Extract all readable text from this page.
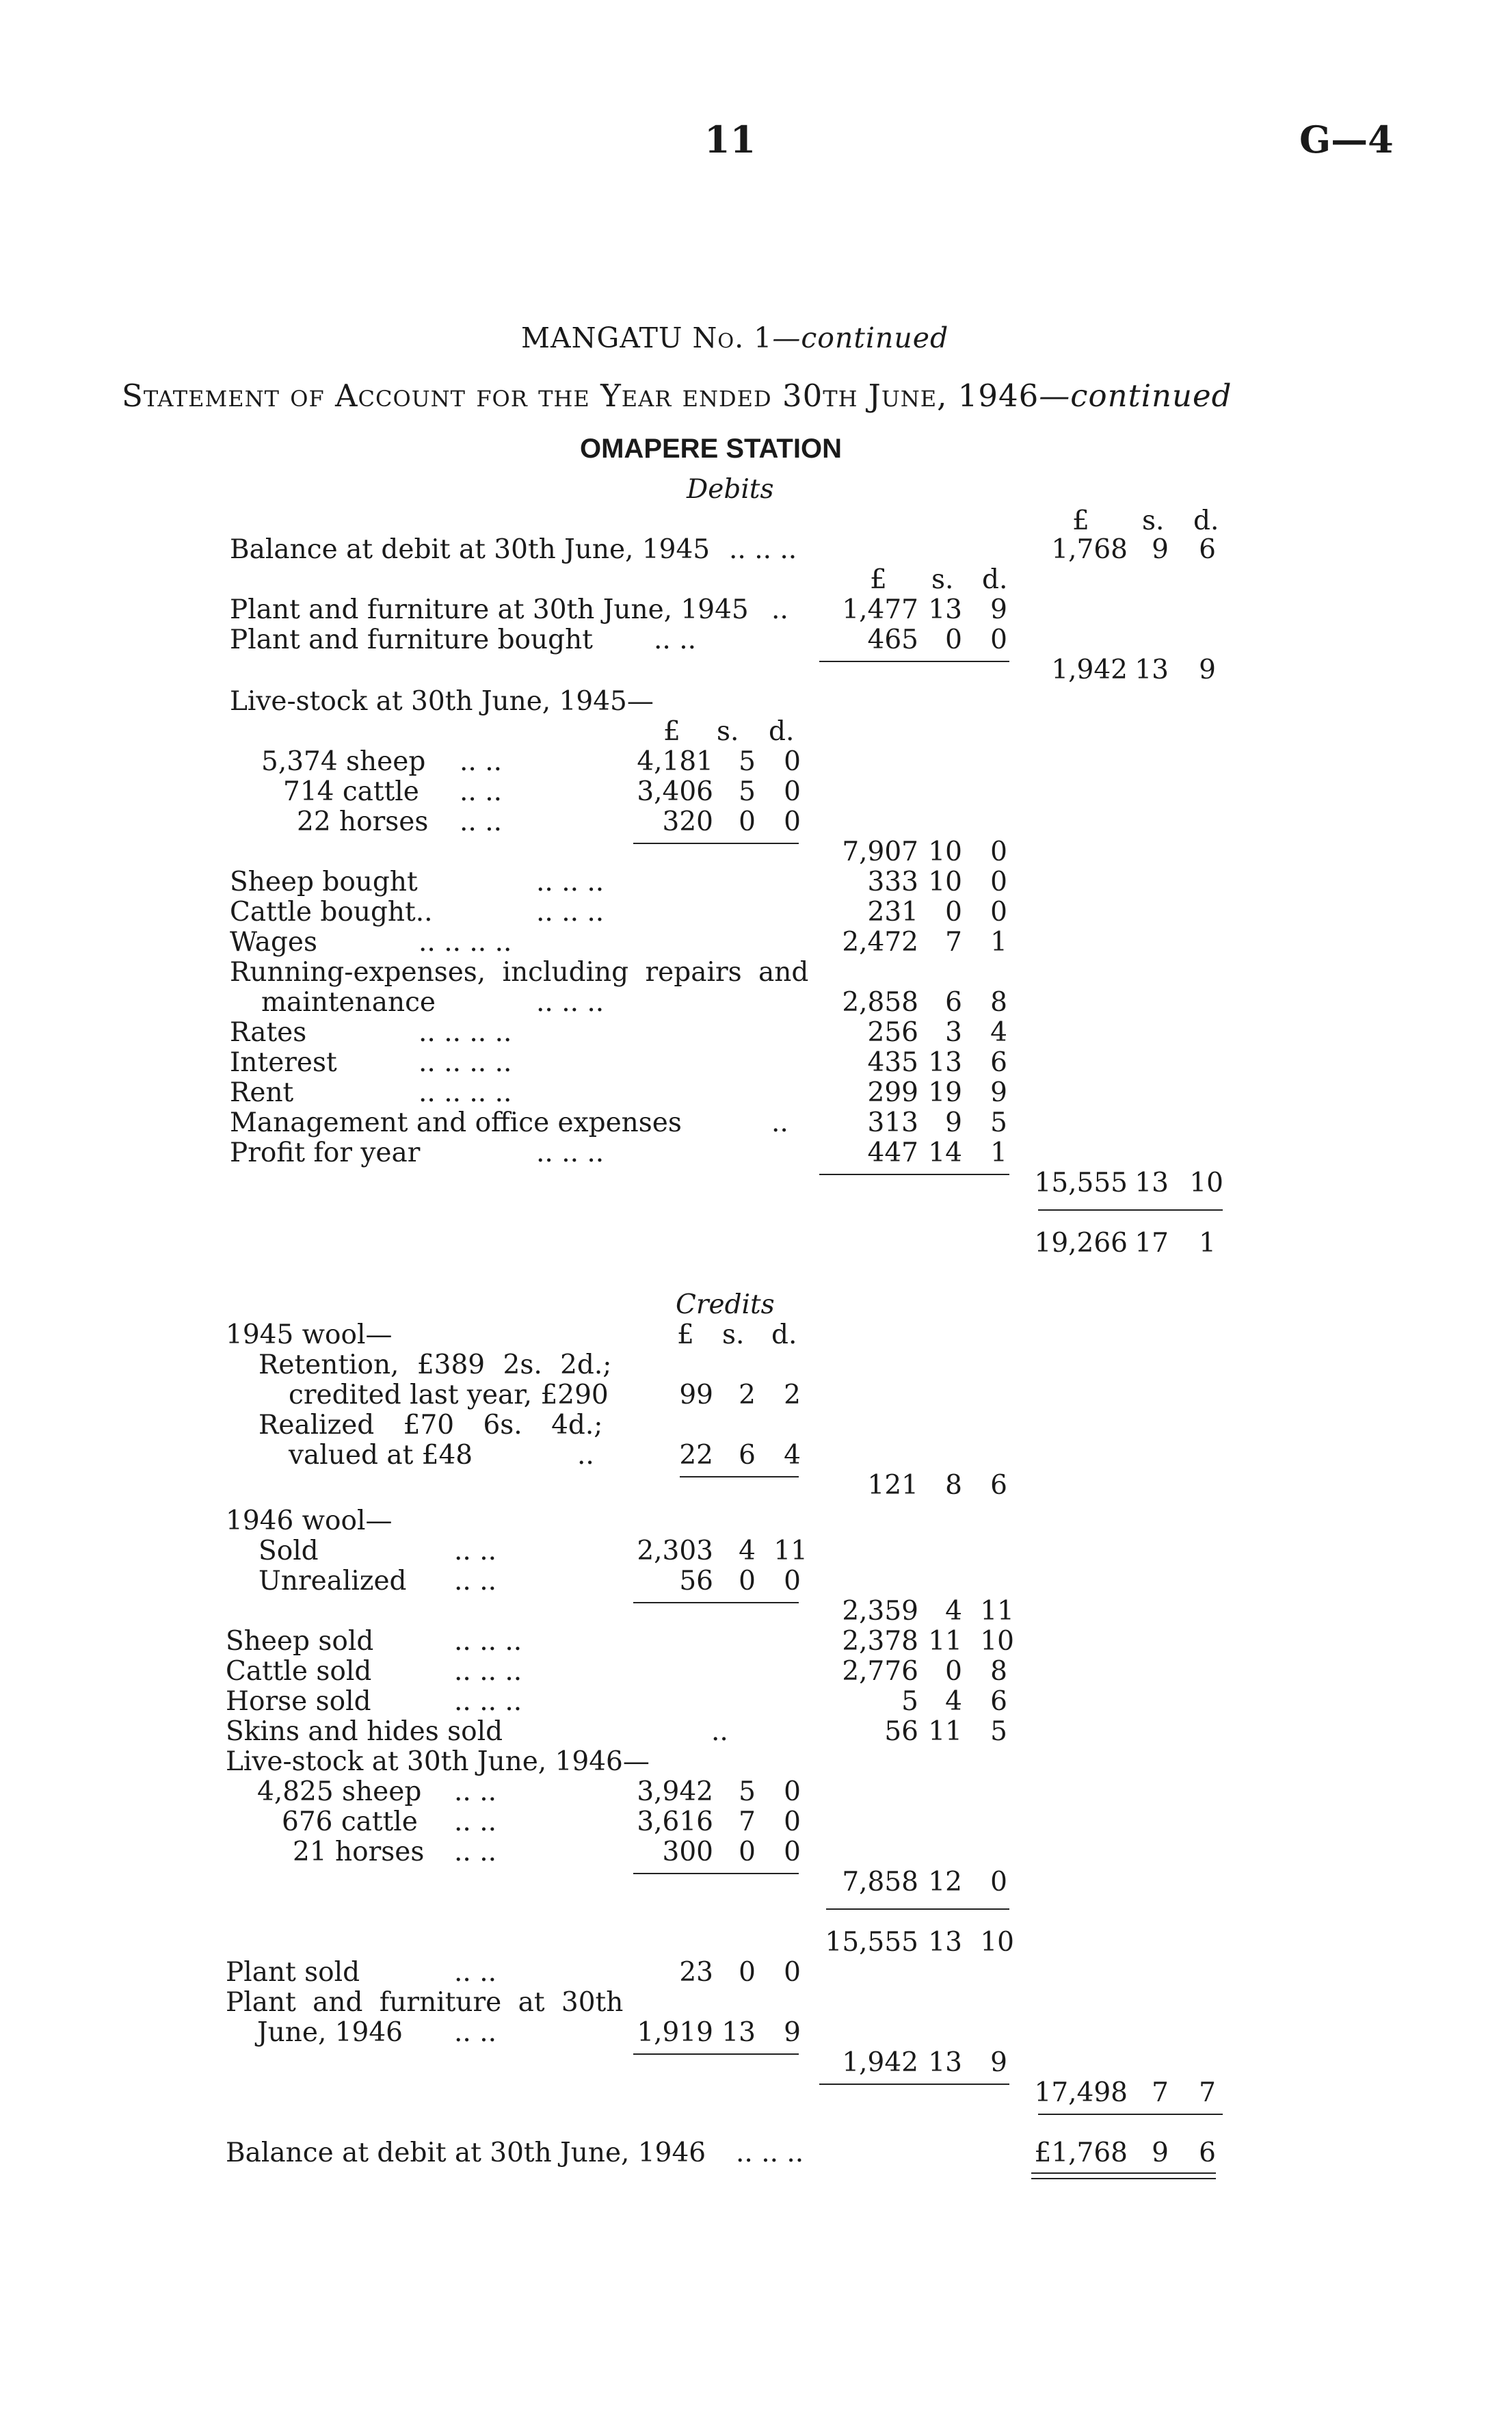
11	G—4
MANGATU No. 1—continued
Statement of Account for the Year ended 30th June, 1946—continued
OMAPERE STATION
Debits
£ s. d.
Balance at debit at 30th June, 1945 .. .. ..	1,768 9 6
£ s. d.
Plant and furniture at 30th June, 1945 .. 1,477 13 9
Plant and furniture bought .. ..	465 0 0
1,942 13 9
Live-stock at 30th June, 1945—
£ s. d.
5,374 sheep .. ..	4,181 5 0
714 cattle .. ..	3,406 5 0
22 horses .. ..	320 0 0
7,907 10 0
Sheep bought	.. .. ..	333 10 0
Cattle bought..	.. .. ..	231 0 0
Wages	.. .. .. ..	2,472 7 1
Running-expenses, including repairs and
maintenance	.. .. ..	2,858 6 8
Rates	.. .. .. ..	256 3 4
Interest	.. .. .. ..	435 13 6
Rent	.. .. .. ..	299 19 9
Management and office expenses	..	313 9 5
Profit for year	.. .. ..	447 14 1
15,555 13 10
19,266 17 1
Credits
1945 wool—	£ s. d.
Retention, £389 2s. 2d.;
credited last year, £290	99 2 2
Realized £70 6s. 4d.;
valued at £48	..	22 6 4
121 8 6
1946 wool—
Sold	.. ..	2,303 4 11
Unrealized .. ..	56 0 0
2,359 4 11
Sheep sold	.. .. ..	2,378 11 10
Cattle sold	.. .. ..	2,776 0 8
Horse sold	.. .. ..	5 4 6
Skins and hides sold	..	56 11 5
Live-stock at 30th June, 1946—
4,825 sheep .. ..	3,942 5 0
676 cattle .. ..	3,616 7 0
21 horses .. ..	300 0 0
7,858 12 0
15,555 13 10
Plant sold	.. ..	23 0 0
Plant and furniture at 30th
June, 1946 .. ..	1,919 13 9
1,942 13 9
17,498 7 7
Balance at debit at 30th June, 1946 .. .. ..	£1,768 9 6
